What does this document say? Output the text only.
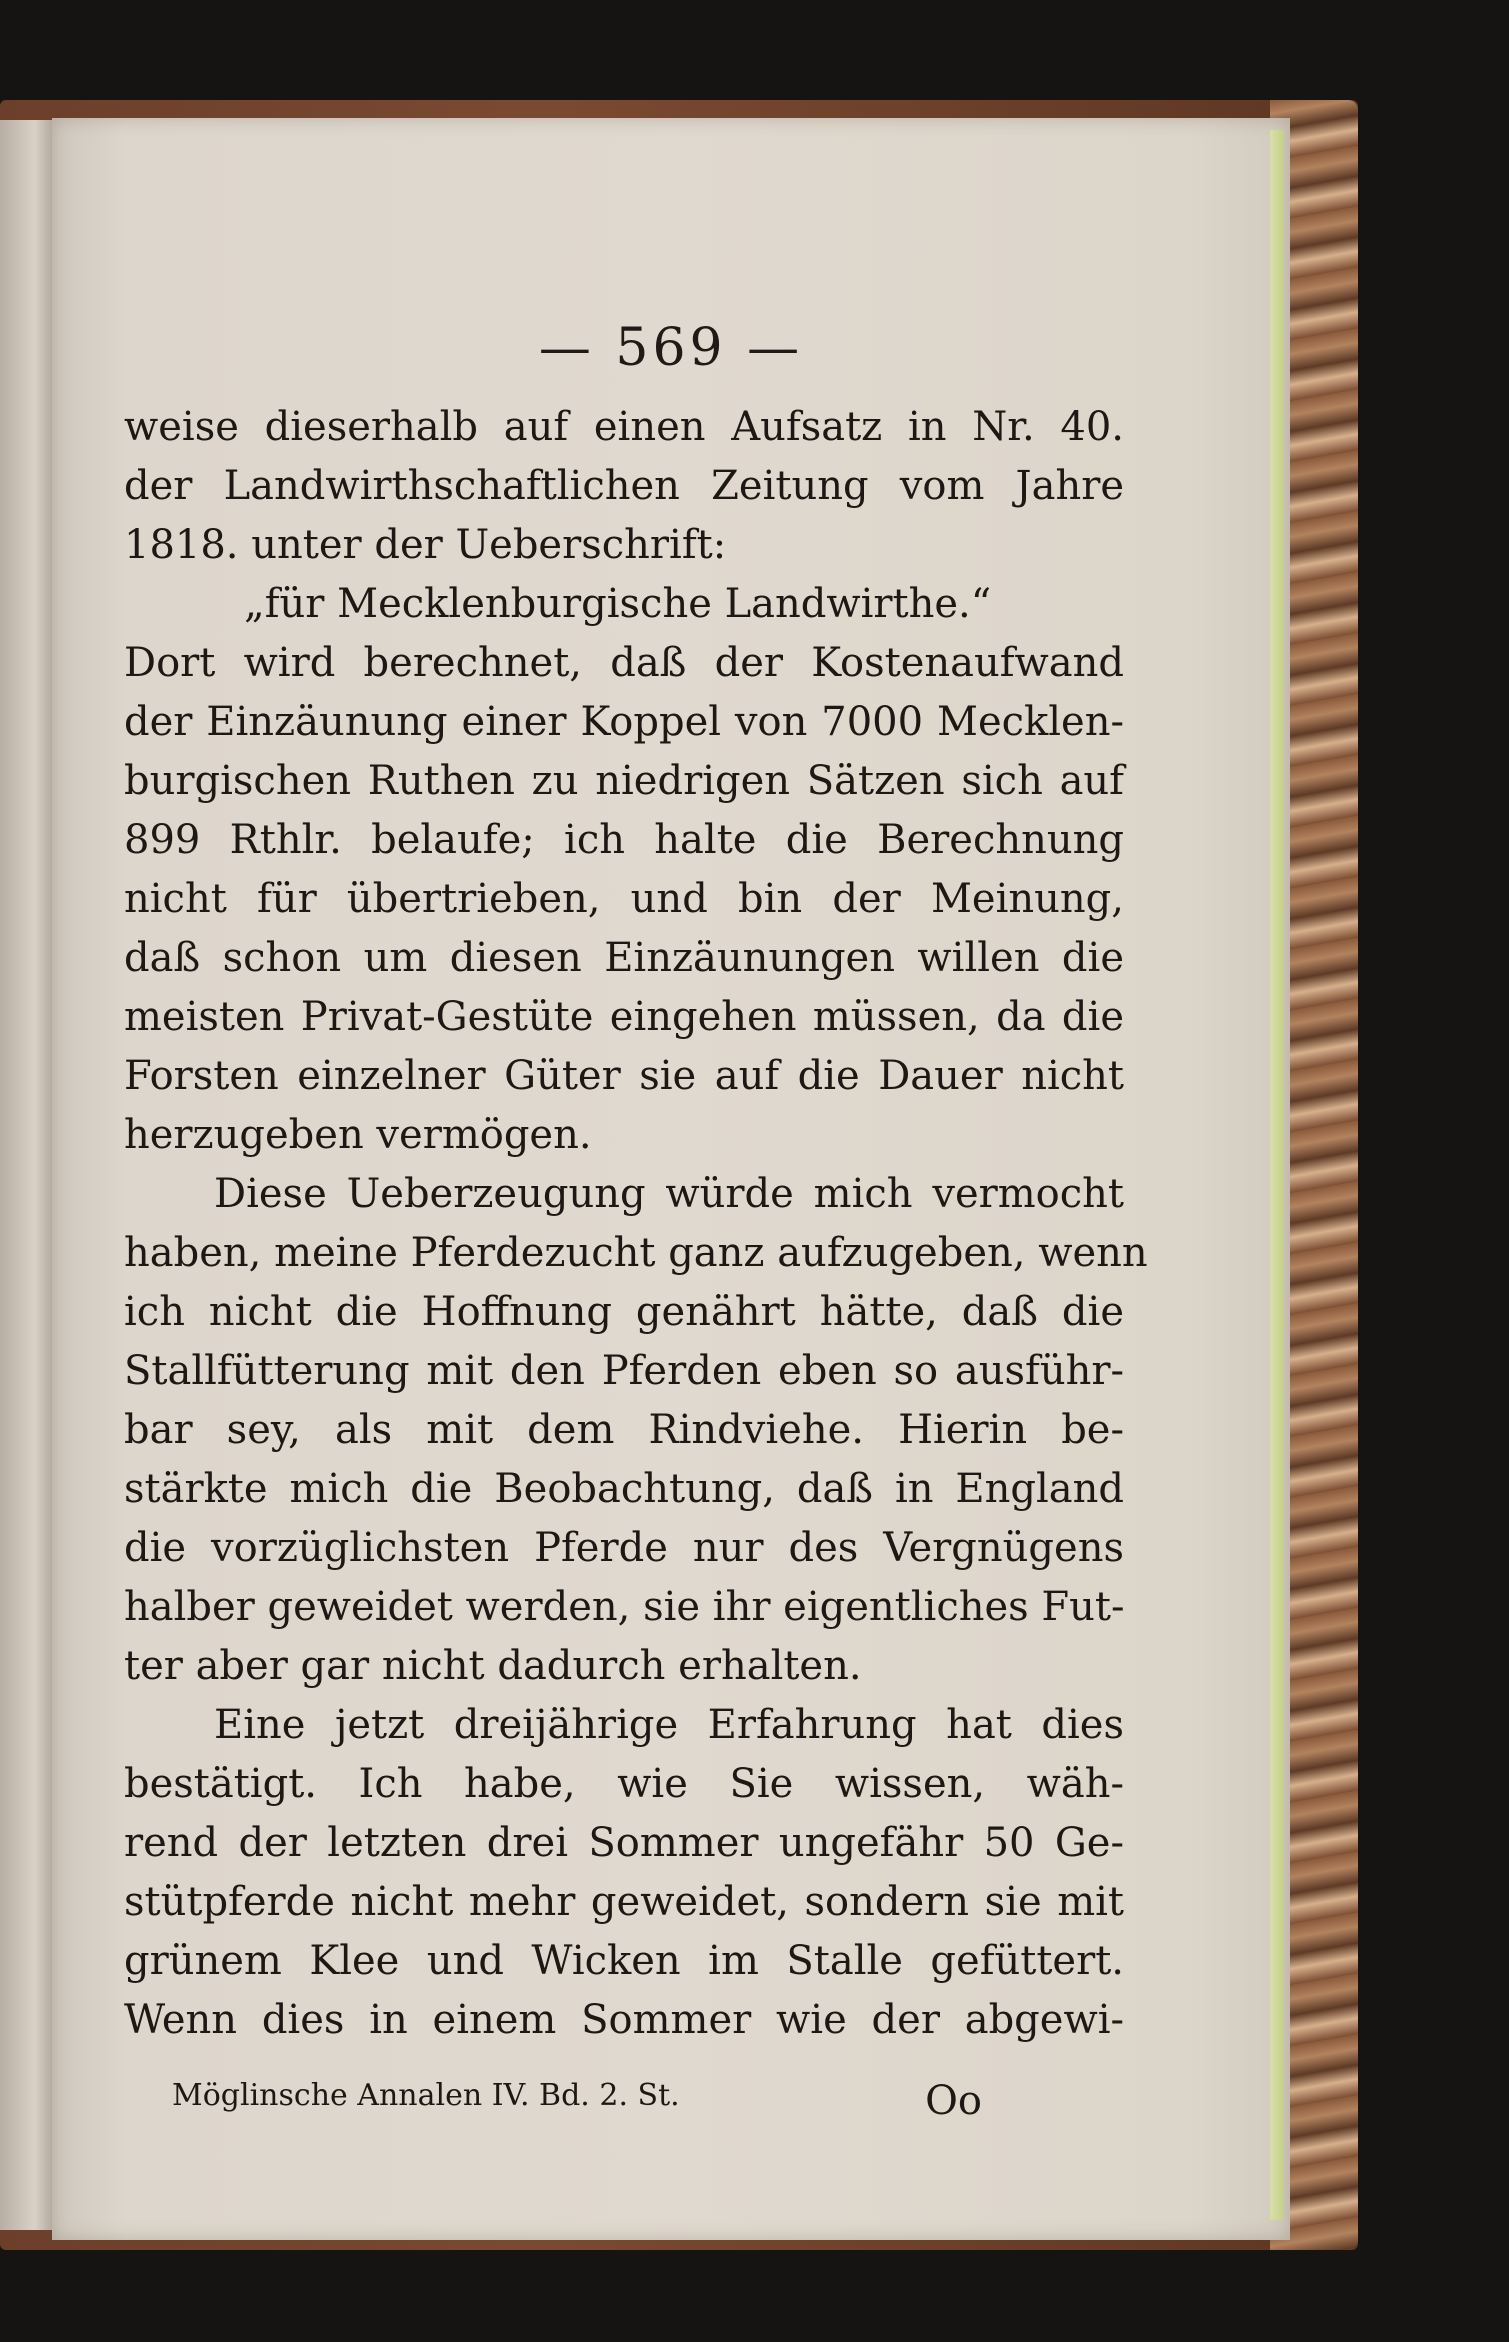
— 569 —
weise dieserhalb auf einen Aufsatz in Nr. 40.
der Landwirthschaftlichen Zeitung vom Jahre
1818. unter der Ueberschrift:
„für Mecklenburgische Landwirthe.“
Dort wird berechnet, daß der Kostenaufwand
der Einzäunung einer Koppel von 7000 Mecklen-
burgischen Ruthen zu niedrigen Sätzen sich auf
899 Rthlr. belaufe; ich halte die Berechnung
nicht für übertrieben, und bin der Meinung,
daß schon um diesen Einzäunungen willen die
meisten Privat-Gestüte eingehen müssen, da die
Forsten einzelner Güter sie auf die Dauer nicht
herzugeben vermögen.
Diese Ueberzeugung würde mich vermocht
haben, meine Pferdezucht ganz aufzugeben, wenn
ich nicht die Hoffnung genährt hätte, daß die
Stallfütterung mit den Pferden eben so ausführ-
bar sey, als mit dem Rindviehe. Hierin be-
stärkte mich die Beobachtung, daß in England
die vorzüglichsten Pferde nur des Vergnügens
halber geweidet werden, sie ihr eigentliches Fut-
ter aber gar nicht dadurch erhalten.
Eine jetzt dreijährige Erfahrung hat dies
bestätigt. Ich habe, wie Sie wissen, wäh-
rend der letzten drei Sommer ungefähr 50 Ge-
stütpferde nicht mehr geweidet, sondern sie mit
grünem Klee und Wicken im Stalle gefüttert.
Wenn dies in einem Sommer wie der abgewi-
Möglinsche Annalen IV. Bd. 2. St.	Oo
